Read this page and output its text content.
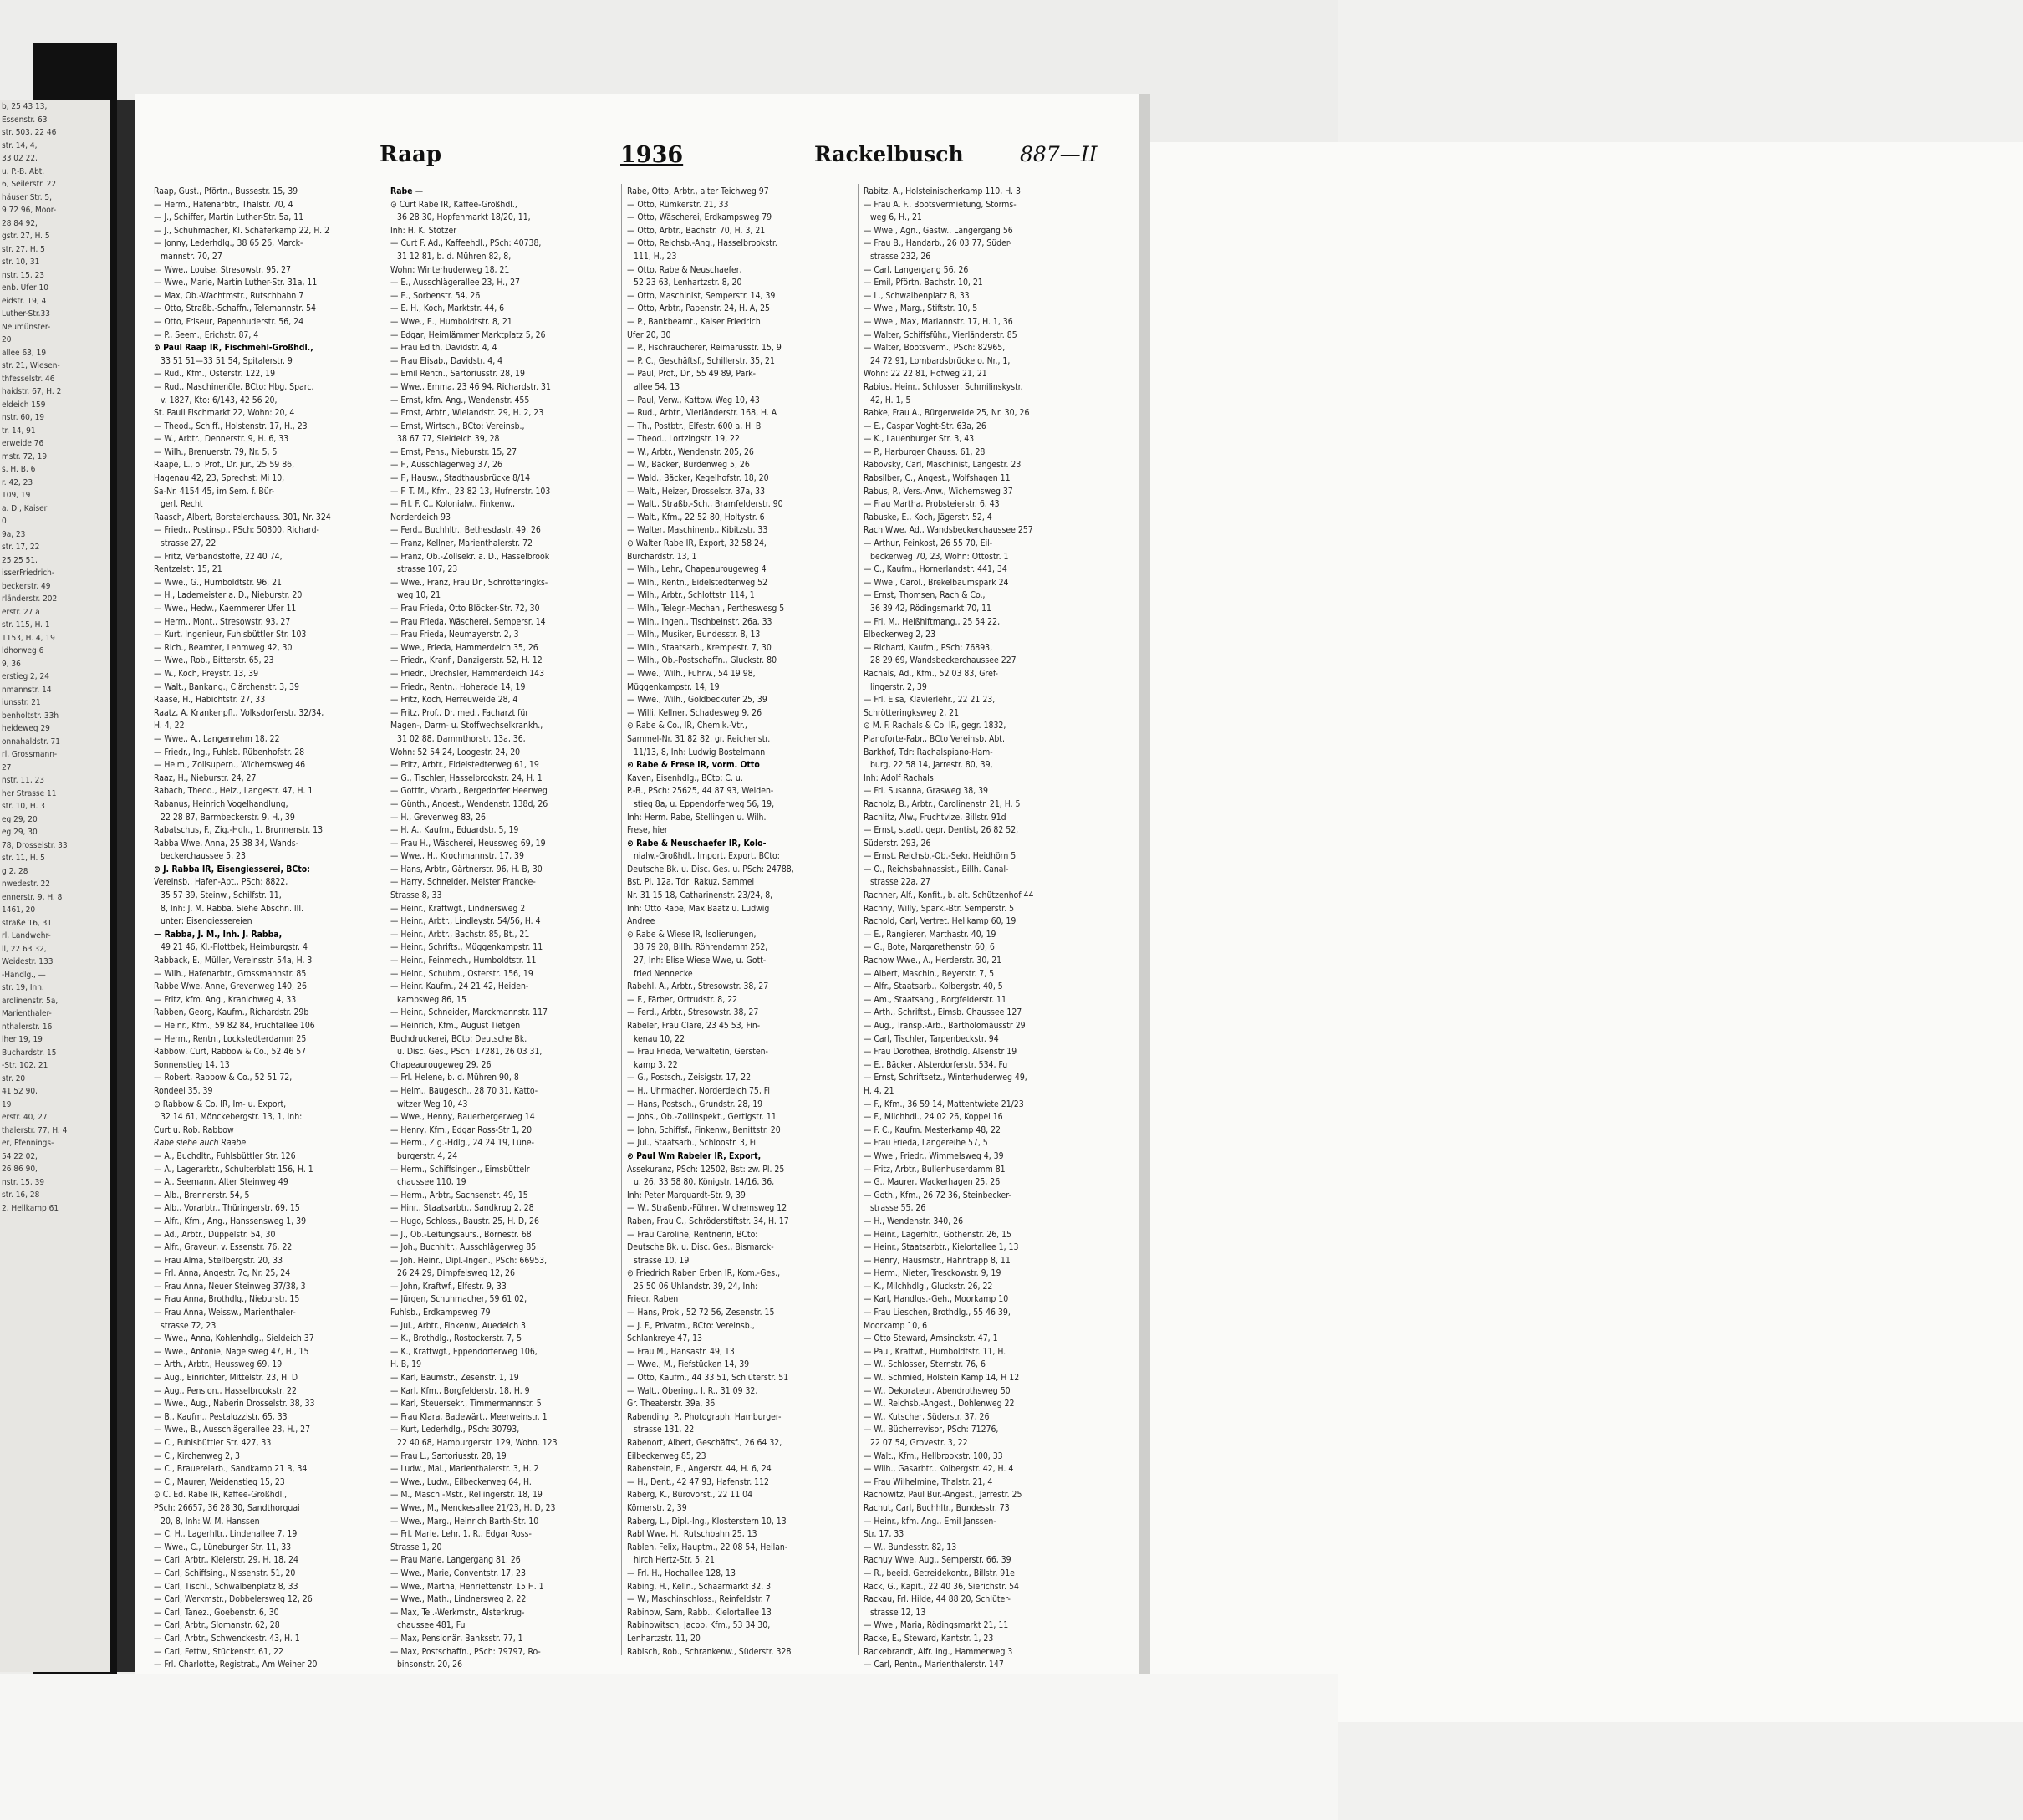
b, 25 43 13,
Essenstr. 63
str. 503, 22 46
str. 14, 4,
33 02 22,
u. P.-B. Abt.
6, Seilerstr. 22
häuser Str. 5,
9 72 96, Moor-
28 84 92,
gstr. 27, H. 5
str. 27, H. 5
str. 10, 31
nstr. 15, 23
enb. Ufer 10
eidstr. 19, 4
Luther-Str.33
Neumünster-
20
allee 63, 19
str. 21, Wiesen-
thfesselstr. 46
haidstr. 67, H. 2
eldeich 159
nstr. 60, 19
tr. 14, 91
erweide 76
mstr. 72, 19
s. H. B, 6
r. 42, 23
109, 19
a. D., Kaiser
0
9a, 23
str. 17, 22
25 25 51,
isserFriedrich-
beckerstr. 49
rländerstr. 202
erstr. 27 a
str. 115, H. 1
1153, H. 4, 19
ldhorweg 6
9, 36
erstieg 2, 24
nmannstr. 14
iunsstr. 21
benholtstr. 33h
heideweg 29
onnahaldstr. 71
rl, Grossmann-
27
nstr. 11, 23
her Strasse 11
str. 10, H. 3
eg 29, 20
eg 29, 30
78, Drosselstr. 33
str. 11, H. 5
g 2, 28
nwedestr. 22
ennerstr. 9, H. 8
1461, 20
straße 16, 31
rl, Landwehr-
ll, 22 63 32,
Weidestr. 133
-Handlg., —
str. 19, Inh.
arolinenstr. 5a,
Marienthaler-
nthalerstr. 16
lher 19, 19
Buchardstr. 15
-Str. 102, 21
str. 20
41 52 90,
19
erstr. 40, 27
thalerstr. 77, H. 4
er, Pfennings-
54 22 02,
26 86 90,
nstr. 15, 39
str. 16, 28
2, Hellkamp 61
Raap	1936	Rackelbusch	887—II
Raap, Gust., Pförtn., Bussestr. 15, 39
— Herm., Hafenarbtr., Thalstr. 70, 4
— J., Schiffer, Martin Luther-Str. 5a, 11
— J., Schuhmacher, Kl. Schäferkamp 22, H. 2
— Jonny, Lederhdlg., 38 65 26, Marck-
mannstr. 70, 27
— Wwe., Louise, Stresowstr. 95, 27
— Wwe., Marie, Martin Luther-Str. 31a, 11
— Max, Ob.-Wachtmstr., Rutschbahn 7
— Otto, Straßb.-Schaffn., Telemannstr. 54
— Otto, Friseur, Papenhuderstr. 56, 24
— P., Seem., Erichstr. 87, 4
⊙ Paul Raap IR, Fischmehl-Großhdl.,
33 51 51—33 51 54, Spitalerstr. 9
— Rud., Kfm., Osterstr. 122, 19
— Rud., Maschinenöle, BCto: Hbg. Sparc.
v. 1827, Kto: 6/143, 42 56 20,
St. Pauli Fischmarkt 22, Wohn: 20, 4
— Theod., Schiff., Holstenstr. 17, H., 23
— W., Arbtr., Dennerstr. 9, H. 6, 33
— Wilh., Brenuerstr. 79, Nr. 5, 5
Raape, L., o. Prof., Dr. jur., 25 59 86,
Hagenau 42, 23, Sprechst: Mi 10,
Sa-Nr. 4154 45, im Sem. f. Bür-
gerl. Recht
Raasch, Albert, Borstelerchauss. 301, Nr. 324
— Friedr., Postinsp., PSch: 50800, Richard-
strasse 27, 22
— Fritz, Verbandstoffe, 22 40 74,
Rentzelstr. 15, 21
— Wwe., G., Humboldtstr. 96, 21
— H., Lademeister a. D., Nieburstr. 20
— Wwe., Hedw., Kaemmerer Ufer 11
— Herm., Mont., Stresowstr. 93, 27
— Kurt, Ingenieur, Fuhlsbüttler Str. 103
— Rich., Beamter, Lehmweg 42, 30
— Wwe., Rob., Bitterstr. 65, 23
— W., Koch, Preystr. 13, 39
— Walt., Bankang., Clärchenstr. 3, 39
Raase, H., Habichtstr. 27, 33
Raatz, A. Krankenpfl., Volksdorferstr. 32/34,
H. 4, 22
— Wwe., A., Langenrehm 18, 22
— Friedr., Ing., Fuhlsb. Rübenhofstr. 28
— Helm., Zollsupern., Wichernsweg 46
Raaz, H., Nieburstr. 24, 27
Rabach, Theod., Helz., Langestr. 47, H. 1
Rabanus, Heinrich Vogelhandlung,
22 28 87, Barmbeckerstr. 9, H., 39
Rabatschus, F., Zig.-Hdlr., 1. Brunnenstr. 13
Rabba Wwe, Anna, 25 38 34, Wands-
beckerchaussee 5, 23
⊙ J. Rabba IR, Eisengiesserei, BCto:
Vereinsb., Hafen-Abt., PSch: 8822,
35 57 39, Steinw., Schilfstr. 11,
8, Inh: J. M. Rabba. Siehe Abschn. III.
unter: Eisengiessereien
— Rabba, J. M., Inh. J. Rabba,
49 21 46, Kl.-Flottbek, Heimburgstr. 4
Rabback, E., Müller, Vereinsstr. 54a, H. 3
— Wilh., Hafenarbtr., Grossmannstr. 85
Rabbe Wwe, Anne, Grevenweg 140, 26
— Fritz, kfm. Ang., Kranichweg 4, 33
Rabben, Georg, Kaufm., Richardstr. 29b
— Heinr., Kfm., 59 82 84, Fruchtallee 106
— Herm., Rentn., Lockstedterdamm 25
Rabbow, Curt, Rabbow & Co., 52 46 57
Sonnenstieg 14, 13
— Robert, Rabbow & Co., 52 51 72,
Rondeel 35, 39
⊙ Rabbow & Co. IR, Im- u. Export,
32 14 61, Mönckebergstr. 13, 1, Inh:
Curt u. Rob. Rabbow
Rabe siehe auch Raabe
— A., Buchdltr., Fuhlsbüttler Str. 126
— A., Lagerarbtr., Schulterblatt 156, H. 1
— A., Seemann, Alter Steinweg 49
— Alb., Brennerstr. 54, 5
— Alb., Vorarbtr., Thüringerstr. 69, 15
— Alfr., Kfm., Ang., Hanssensweg 1, 39
— Ad., Arbtr., Düppelstr. 54, 30
— Alfr., Graveur, v. Essenstr. 76, 22
— Frau Alma, Stellbergstr. 20, 33
— Frl. Anna, Angestr. 7c, Nr. 25, 24
— Frau Anna, Neuer Steinweg 37/38, 3
— Frau Anna, Brothdlg., Nieburstr. 15
— Frau Anna, Weissw., Marienthaler-
strasse 72, 23
— Wwe., Anna, Kohlenhdlg., Sieldeich 37
— Wwe., Antonie, Nagelsweg 47, H., 15
— Arth., Arbtr., Heussweg 69, 19
— Aug., Einrichter, Mittelstr. 23, H. D
— Aug., Pension., Hasselbrookstr. 22
— Wwe., Aug., Naberin Drosselstr. 38, 33
— B., Kaufm., Pestalozzistr. 65, 33
— Wwe., B., Ausschlägerallee 23, H., 27
— C., Fuhlsbüttler Str. 427, 33
— C., Kirchenweg 2, 3
— C., Brauereiarb., Sandkamp 21 B, 34
— C., Maurer, Weidenstieg 15, 23
⊙ C. Ed. Rabe IR, Kaffee-Großhdl.,
PSch: 26657, 36 28 30, Sandthorquai
20, 8, Inh: W. M. Hanssen
— C. H., Lagerhltr., Lindenallee 7, 19
— Wwe., C., Lüneburger Str. 11, 33
— Carl, Arbtr., Kielerstr. 29, H. 18, 24
— Carl, Schiffsing., Nissenstr. 51, 20
— Carl, Tischl., Schwalbenplatz 8, 33
— Carl, Werkmstr., Dobbelersweg 12, 26
— Carl, Tanez., Goebenstr. 6, 30
— Carl, Arbtr., Slomanstr. 62, 28
— Carl, Arbtr., Schwenckestr. 43, H. 1
— Carl, Fettw., Stückenstr. 61, 22
— Frl. Charlotte, Registrat., Am Weiher 20
Rabe —
⊙ Curt Rabe IR, Kaffee-Großhdl.,
36 28 30, Hopfenmarkt 18/20, 11,
Inh: H. K. Stötzer
— Curt F. Ad., Kaffeehdl., PSch: 40738,
31 12 81, b. d. Mühren 82, 8,
Wohn: Winterhuderweg 18, 21
— E., Ausschlägerallee 23, H., 27
— E., Sorbenstr. 54, 26
— E. H., Koch, Marktstr. 44, 6
— Wwe., E., Humboldtstr. 8, 21
— Edgar, Heimlämmer Marktplatz 5, 26
— Frau Edith, Davidstr. 4, 4
— Frau Elisab., Davidstr. 4, 4
— Emil Rentn., Sartoriusstr. 28, 19
— Wwe., Emma, 23 46 94, Richardstr. 31
— Ernst, kfm. Ang., Wendenstr. 455
— Ernst, Arbtr., Wielandstr. 29, H. 2, 23
— Ernst, Wirtsch., BCto: Vereinsb.,
38 67 77, Sieldeich 39, 28
— Ernst, Pens., Nieburstr. 15, 27
— F., Ausschlägerweg 37, 26
— F., Hausw., Stadthausbrücke 8/14
— F. T. M., Kfm., 23 82 13, Hufnerstr. 103
— Frl. F. C., Kolonialw., Finkenw.,
Norderdeich 93
— Ferd., Buchhltr., Bethesdastr. 49, 26
— Franz, Kellner, Marienthalerstr. 72
— Franz, Ob.-Zollsekr. a. D., Hasselbrook
strasse 107, 23
— Wwe., Franz, Frau Dr., Schrötteringks-
weg 10, 21
— Frau Frieda, Otto Blöcker-Str. 72, 30
— Frau Frieda, Wäscherei, Sempersr. 14
— Frau Frieda, Neumayerstr. 2, 3
— Wwe., Frieda, Hammerdeich 35, 26
— Friedr., Kranf., Danzigerstr. 52, H. 12
— Friedr., Drechsler, Hammerdeich 143
— Friedr., Rentn., Hoherade 14, 19
— Fritz, Koch, Herreuweide 28, 4
— Fritz, Prof., Dr. med., Facharzt für
Magen-, Darm- u. Stoffwechselkrankh.,
31 02 88, Dammthorstr. 13a, 36,
Wohn: 52 54 24, Loogestr. 24, 20
— Fritz, Arbtr., Eidelstedterweg 61, 19
— G., Tischler, Hasselbrookstr. 24, H. 1
— Gottfr., Vorarb., Bergedorfer Heerweg
— Günth., Angest., Wendenstr. 138d, 26
— H., Grevenweg 83, 26
— H. A., Kaufm., Eduardstr. 5, 19
— Frau H., Wäscherei, Heussweg 69, 19
— Wwe., H., Krochmannstr. 17, 39
— Hans, Arbtr., Gärtnerstr. 96, H. B, 30
— Harry, Schneider, Meister Francke-
Strasse 8, 33
— Heinr., Kraftwgf., Lindnersweg 2
— Heinr., Arbtr., Lindleystr. 54/56, H. 4
— Heinr., Arbtr., Bachstr. 85, Bt., 21
— Heinr., Schrifts., Müggenkampstr. 11
— Heinr., Feinmech., Humboldtstr. 11
— Heinr., Schuhm., Osterstr. 156, 19
— Heinr. Kaufm., 24 21 42, Heiden-
kampsweg 86, 15
— Heinr., Schneider, Marckmannstr. 117
— Heinrich, Kfm., August Tietgen
Buchdruckerei, BCto: Deutsche Bk.
u. Disc. Ges., PSch: 17281, 26 03 31,
Chapeaurougeweg 29, 26
— Frl. Helene, b. d. Mühren 90, 8
— Helm., Baugesch., 28 70 31, Katto-
witzer Weg 10, 43
— Wwe., Henny, Bauerbergerweg 14
— Henry, Kfm., Edgar Ross-Str 1, 20
— Herm., Zig.-Hdlg., 24 24 19, Lüne-
burgerstr. 4, 24
— Herm., Schiffsingen., Eimsbüttelr
chaussee 110, 19
— Herm., Arbtr., Sachsenstr. 49, 15
— Hinr., Staatsarbtr., Sandkrug 2, 28
— Hugo, Schloss., Baustr. 25, H. D, 26
— J., Ob.-Leitungsaufs., Bornestr. 68
— Joh., Buchhltr., Ausschlägerweg 85
— Joh. Heinr., Dipl.-Ingen., PSch: 66953,
26 24 29, Dimpfelsweg 12, 26
— John, Kraftwf., Elfestr. 9, 33
— Jürgen, Schuhmacher, 59 61 02,
Fuhlsb., Erdkampsweg 79
— Jul., Arbtr., Finkenw., Auedeich 3
— K., Brothdlg., Rostockerstr. 7, 5
— K., Kraftwgf., Eppendorferweg 106,
H. B, 19
— Karl, Baumstr., Zesenstr. 1, 19
— Karl, Kfm., Borgfelderstr. 18, H. 9
— Karl, Steuersekr., Timmermannstr. 5
— Frau Klara, Badewärt., Meerweinstr. 1
— Kurt, Lederhdlg., PSch: 30793,
22 40 68, Hamburgerstr. 129, Wohn. 123
— Frau L., Sartoriusstr. 28, 19
— Ludw., Mal., Marienthalerstr. 3, H. 2
— Wwe., Ludw., Eilbeckerweg 64, H.
— M., Masch.-Mstr., Rellingerstr. 18, 19
— Wwe., M., Menckesallee 21/23, H. D, 23
— Wwe., Marg., Heinrich Barth-Str. 10
— Frl. Marie, Lehr. 1, R., Edgar Ross-
Strasse 1, 20
— Frau Marie, Langergang 81, 26
— Wwe., Marie, Conventstr. 17, 23
— Wwe., Martha, Henriettenstr. 15 H. 1
— Wwe., Math., Lindnersweg 2, 22
— Max, Tel.-Werkmstr., Alsterkrug-
chaussee 481, Fu
— Max, Pensionär, Banksstr. 77, 1
— Max, Postschaffn., PSch: 79797, Ro-
binsonstr. 20, 26
Rabe, Otto, Arbtr., alter Teichweg 97
— Otto, Rümkerstr. 21, 33
— Otto, Wäscherei, Erdkampsweg 79
— Otto, Arbtr., Bachstr. 70, H. 3, 21
— Otto, Reichsb.-Ang., Hasselbrookstr.
111, H., 23
— Otto, Rabe & Neuschaefer,
52 23 63, Lenhartzstr. 8, 20
— Otto, Maschinist, Semperstr. 14, 39
— Otto, Arbtr., Papenstr. 24, H. A, 25
— P., Bankbeamt., Kaiser Friedrich
Ufer 20, 30
— P., Fischräucherer, Reimarusstr. 15, 9
— P. C., Geschäftsf., Schillerstr. 35, 21
— Paul, Prof., Dr., 55 49 89, Park-
allee 54, 13
— Paul, Verw., Kattow. Weg 10, 43
— Rud., Arbtr., Vierländerstr. 168, H. A
— Th., Postbtr., Elfestr. 600 a, H. B
— Theod., Lortzingstr. 19, 22
— W., Arbtr., Wendenstr. 205, 26
— W., Bäcker, Burdenweg 5, 26
— Wald., Bäcker, Kegelhofstr. 18, 20
— Walt., Heizer, Drosselstr. 37a, 33
— Walt., Straßb.-Sch., Bramfelderstr. 90
— Walt., Kfm., 22 52 80, Holtystr. 6
— Walter, Maschinenb., Kibitzstr. 33
⊙ Walter Rabe IR, Export, 32 58 24,
Burchardstr. 13, 1
— Wilh., Lehr., Chapeaurougeweg 4
— Wilh., Rentn., Eidelstedterweg 52
— Wilh., Arbtr., Schlottstr. 114, 1
— Wilh., Telegr.-Mechan., Pertheswesg 5
— Wilh., Ingen., Tischbeinstr. 26a, 33
— Wilh., Musiker, Bundesstr. 8, 13
— Wilh., Staatsarb., Krempestr. 7, 30
— Wilh., Ob.-Postschaffn., Gluckstr. 80
— Wwe., Wilh., Fuhrw., 54 19 98,
Müggenkampstr. 14, 19
— Wwe., Wilh., Goldbeckufer 25, 39
— Willi, Kellner, Schadesweg 9, 26
⊙ Rabe & Co., IR, Chemik.-Vtr.,
Sammel-Nr. 31 82 82, gr. Reichenstr.
11/13, 8, Inh: Ludwig Bostelmann
⊙ Rabe & Frese IR, vorm. Otto
Kaven, Eisenhdlg., BCto: C. u.
P.-B., PSch: 25625, 44 87 93, Weiden-
stieg 8a, u. Eppendorferweg 56, 19,
Inh: Herm. Rabe, Stellingen u. Wilh.
Frese, hier
⊙ Rabe & Neuschaefer IR, Kolo-
nialw.-Großhdl., Import, Export, BCto:
Deutsche Bk. u. Disc. Ges. u. PSch: 24788,
Bst. Pl. 12a, Tdr: Rakuz, Sammel
Nr. 31 15 18, Catharinenstr. 23/24, 8,
Inh: Otto Rabe, Max Baatz u. Ludwig
Andree
⊙ Rabe & Wiese IR, Isolierungen,
38 79 28, Billh. Röhrendamm 252,
27, Inh: Elise Wiese Wwe, u. Gott-
fried Nennecke
Rabehl, A., Arbtr., Stresowstr. 38, 27
— F., Färber, Ortrudstr. 8, 22
— Ferd., Arbtr., Stresowstr. 38, 27
Rabeler, Frau Clare, 23 45 53, Fin-
kenau 10, 22
— Frau Frieda, Verwaltetin, Gersten-
kamp 3, 22
— G., Postsch., Zeisigstr. 17, 22
— H., Uhrmacher, Norderdeich 75, Fi
— Hans, Postsch., Grundstr. 28, 19
— Johs., Ob.-Zollinspekt., Gertigstr. 11
— John, Schiffsf., Finkenw., Benittstr. 20
— Jul., Staatsarb., Schloostr. 3, Fi
⊙ Paul Wm Rabeler IR, Export,
Assekuranz, PSch: 12502, Bst: zw. Pl. 25
u. 26, 33 58 80, Königstr. 14/16, 36,
Inh: Peter Marquardt-Str. 9, 39
— W., Straßenb.-Führer, Wichernsweg 12
Raben, Frau C., Schröderstiftstr. 34, H. 17
— Frau Caroline, Rentnerin, BCto:
Deutsche Bk. u. Disc. Ges., Bismarck-
strasse 10, 19
⊙ Friedrich Raben Erben IR, Kom.-Ges.,
25 50 06 Uhlandstr. 39, 24, Inh:
Friedr. Raben
— Hans, Prok., 52 72 56, Zesenstr. 15
— J. F., Privatm., BCto: Vereinsb.,
Schlankreye 47, 13
— Frau M., Hansastr. 49, 13
— Wwe., M., Fiefstücken 14, 39
— Otto, Kaufm., 44 33 51, Schlüterstr. 51
— Walt., Obering., I. R., 31 09 32,
Gr. Theaterstr. 39a, 36
Rabending, P., Photograph, Hamburger-
strasse 131, 22
Rabenort, Albert, Geschäftsf., 26 64 32,
Eilbeckerweg 85, 23
Rabenstein, E., Angerstr. 44, H. 6, 24
— H., Dent., 42 47 93, Hafenstr. 112
Raberg, K., Bürovorst., 22 11 04
Körnerstr. 2, 39
Raberg, L., Dipl.-Ing., Klosterstern 10, 13
Rabl Wwe, H., Rutschbahn 25, 13
Rablen, Felix, Hauptm., 22 08 54, Heilan-
hirch Hertz-Str. 5, 21
— Frl. H., Hochallee 128, 13
Rabing, H., Kelln., Schaarmarkt 32, 3
— W., Maschinschloss., Reinfeldstr. 7
Rabinow, Sam, Rabb., Kielortallee 13
Rabinowitsch, Jacob, Kfm., 53 34 30,
Lenhartzstr. 11, 20
Rabisch, Rob., Schrankenw., Süderstr. 328
Rabitz, A., Holsteinischerkamp 110, H. 3
— Frau A. F., Bootsvermietung, Storms-
weg 6, H., 21
— Wwe., Agn., Gastw., Langergang 56
— Frau B., Handarb., 26 03 77, Süder-
strasse 232, 26
— Carl, Langergang 56, 26
— Emil, Pförtn. Bachstr. 10, 21
— L., Schwalbenplatz 8, 33
— Wwe., Marg., Stiftstr. 10, 5
— Wwe., Max, Mariannstr. 17, H. 1, 36
— Walter, Schiffsführ., Vierländerstr. 85
— Walter, Bootsverm., PSch: 82965,
24 72 91, Lombardsbrücke o. Nr., 1,
Wohn: 22 22 81, Hofweg 21, 21
Rabius, Heinr., Schlosser, Schmilinskystr.
42, H. 1, 5
Rabke, Frau A., Bürgerweide 25, Nr. 30, 26
— E., Caspar Voght-Str. 63a, 26
— K., Lauenburger Str. 3, 43
— P., Harburger Chauss. 61, 28
Rabovsky, Carl, Maschinist, Langestr. 23
Rabsilber, C., Angest., Wolfshagen 11
Rabus, P., Vers.-Anw., Wichernsweg 37
— Frau Martha, Probsteierstr. 6, 43
Rabuske, E., Koch, Jägerstr. 52, 4
Rach Wwe, Ad., Wandsbeckerchaussee 257
— Arthur, Feinkost, 26 55 70, Eil-
beckerweg 70, 23, Wohn: Ottostr. 1
— C., Kaufm., Hornerlandstr. 441, 34
— Wwe., Carol., Brekelbaumspark 24
— Ernst, Thomsen, Rach & Co.,
36 39 42, Rödingsmarkt 70, 11
— Frl. M., Heißhiftmang., 25 54 22,
Elbeckerweg 2, 23
— Richard, Kaufm., PSch: 76893,
28 29 69, Wandsbeckerchaussee 227
Rachals, Ad., Kfm., 52 03 83, Gref-
lingerstr. 2, 39
— Frl. Elsa, Klavierlehr., 22 21 23,
Schrötteringksweg 2, 21
⊙ M. F. Rachals & Co. IR, gegr. 1832,
Pianoforte-Fabr., BCto Vereinsb. Abt.
Barkhof, Tdr: Rachalspiano-Ham-
burg, 22 58 14, Jarrestr. 80, 39,
Inh: Adolf Rachals
— Frl. Susanna, Grasweg 38, 39
Racholz, B., Arbtr., Carolinenstr. 21, H. 5
Rachlitz, Alw., Fruchtvize, Billstr. 91d
— Ernst, staatl. gepr. Dentist, 26 82 52,
Süderstr. 293, 26
— Ernst, Reichsb.-Ob.-Sekr. Heidhörn 5
— O., Reichsbahnassist., Billh. Canal-
strasse 22a, 27
Rachner, Alf., Konfit., b. alt. Schützenhof 44
Rachny, Willy, Spark.-Btr. Semperstr. 5
Rachold, Carl, Vertret. Hellkamp 60, 19
— E., Rangierer, Marthastr. 40, 19
— G., Bote, Margarethenstr. 60, 6
Rachow Wwe., A., Herderstr. 30, 21
— Albert, Maschin., Beyerstr. 7, 5
— Alfr., Staatsarb., Kolbergstr. 40, 5
— Am., Staatsang., Borgfelderstr. 11
— Arth., Schriftst., Eimsb. Chaussee 127
— Aug., Transp.-Arb., Bartholomäusstr 29
— Carl, Tischler, Tarpenbeckstr. 94
— Frau Dorothea, Brothdlg. Alsenstr 19
— E., Bäcker, Alsterdorferstr. 534, Fu
— Ernst, Schriftsetz., Winterhuderweg 49,
H. 4, 21
— F., Kfm., 36 59 14, Mattentwiete 21/23
— F., Milchhdl., 24 02 26, Koppel 16
— F. C., Kaufm. Mesterkamp 48, 22
— Frau Frieda, Langereihe 57, 5
— Wwe., Friedr., Wimmelsweg 4, 39
— Fritz, Arbtr., Bullenhuserdamm 81
— G., Maurer, Wackerhagen 25, 26
— Goth., Kfm., 26 72 36, Steinbecker-
strasse 55, 26
— H., Wendenstr. 340, 26
— Heinr., Lagerhltr., Gothenstr. 26, 15
— Heinr., Staatsarbtr., Kielortallee 1, 13
— Henry, Hausmstr., Hahntrapp 8, 11
— Herm., Nieter, Tresckowstr. 9, 19
— K., Milchhdlg., Gluckstr. 26, 22
— Karl, Handlgs.-Geh., Moorkamp 10
— Frau Lieschen, Brothdlg., 55 46 39,
Moorkamp 10, 6
— Otto Steward, Amsinckstr. 47, 1
— Paul, Kraftwf., Humboldtstr. 11, H.
— W., Schlosser, Sternstr. 76, 6
— W., Schmied, Holstein Kamp 14, H 12
— W., Dekorateur, Abendrothsweg 50
— W., Reichsb.-Angest., Dohlenweg 22
— W., Kutscher, Süderstr. 37, 26
— W., Bücherrevisor, PSch: 71276,
22 07 54, Grovestr. 3, 22
— Walt., Kfm., Hellbrookstr. 100, 33
— Wilh., Gasarbtr., Kolbergstr. 42, H. 4
— Frau Wilhelmine, Thalstr. 21, 4
Rachowitz, Paul Bur.-Angest., Jarrestr. 25
Rachut, Carl, Buchhltr., Bundesstr. 73
— Heinr., kfm. Ang., Emil Janssen-
Str. 17, 33
— W., Bundesstr. 82, 13
Rachuy Wwe, Aug., Semperstr. 66, 39
— R., beeid. Getreidekontr., Billstr. 91e
Rack, G., Kapit., 22 40 36, Sierichstr. 54
Rackau, Frl. Hilde, 44 88 20, Schlüter-
strasse 12, 13
— Wwe., Maria, Rödingsmarkt 21, 11
Racke, E., Steward, Kantstr. 1, 23
Rackebrandt, Alfr. Ing., Hammerweg 3
— Carl, Rentn., Marienthalerstr. 147
